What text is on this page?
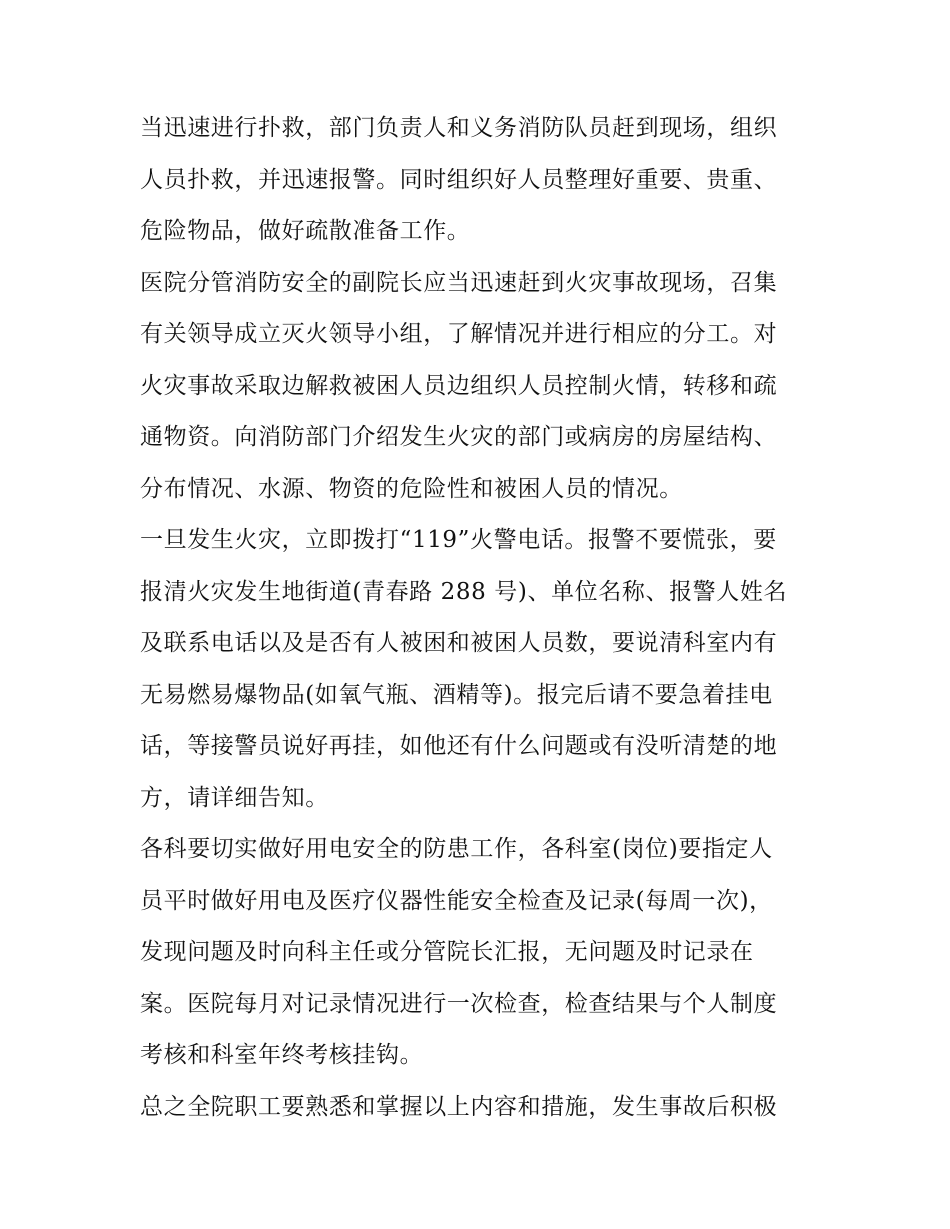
当迅速进行扑救，部门负责人和义务消防队员赶到现场，组织
人员扑救，并迅速报警。同时组织好人员整理好重要、贵重、
危险物品，做好疏散准备工作。
医院分管消防安全的副院长应当迅速赶到火灾事故现场，召集
有关领导成立灭火领导小组，了解情况并进行相应的分工。对
火灾事故采取边解救被困人员边组织人员控制火情，转移和疏
通物资。向消防部门介绍发生火灾的部门或病房的房屋结构、
分布情况、水源、物资的危险性和被困人员的情况。
一旦发生火灾，立即拨打“119”火警电话。报警不要慌张，要
报清火灾发生地街道(青春路 288 号)、单位名称、报警人姓名
及联系电话以及是否有人被困和被困人员数，要说清科室内有
无易燃易爆物品(如氧气瓶、酒精等)。报完后请不要急着挂电
话，等接警员说好再挂，如他还有什么问题或有没听清楚的地
方，请详细告知。
各科要切实做好用电安全的防患工作，各科室(岗位)要指定人
员平时做好用电及医疗仪器性能安全检查及记录(每周一次)，
发现问题及时向科主任或分管院长汇报，无问题及时记录在
案。医院每月对记录情况进行一次检查，检查结果与个人制度
考核和科室年终考核挂钩。
总之全院职工要熟悉和掌握以上内容和措施，发生事故后积极
